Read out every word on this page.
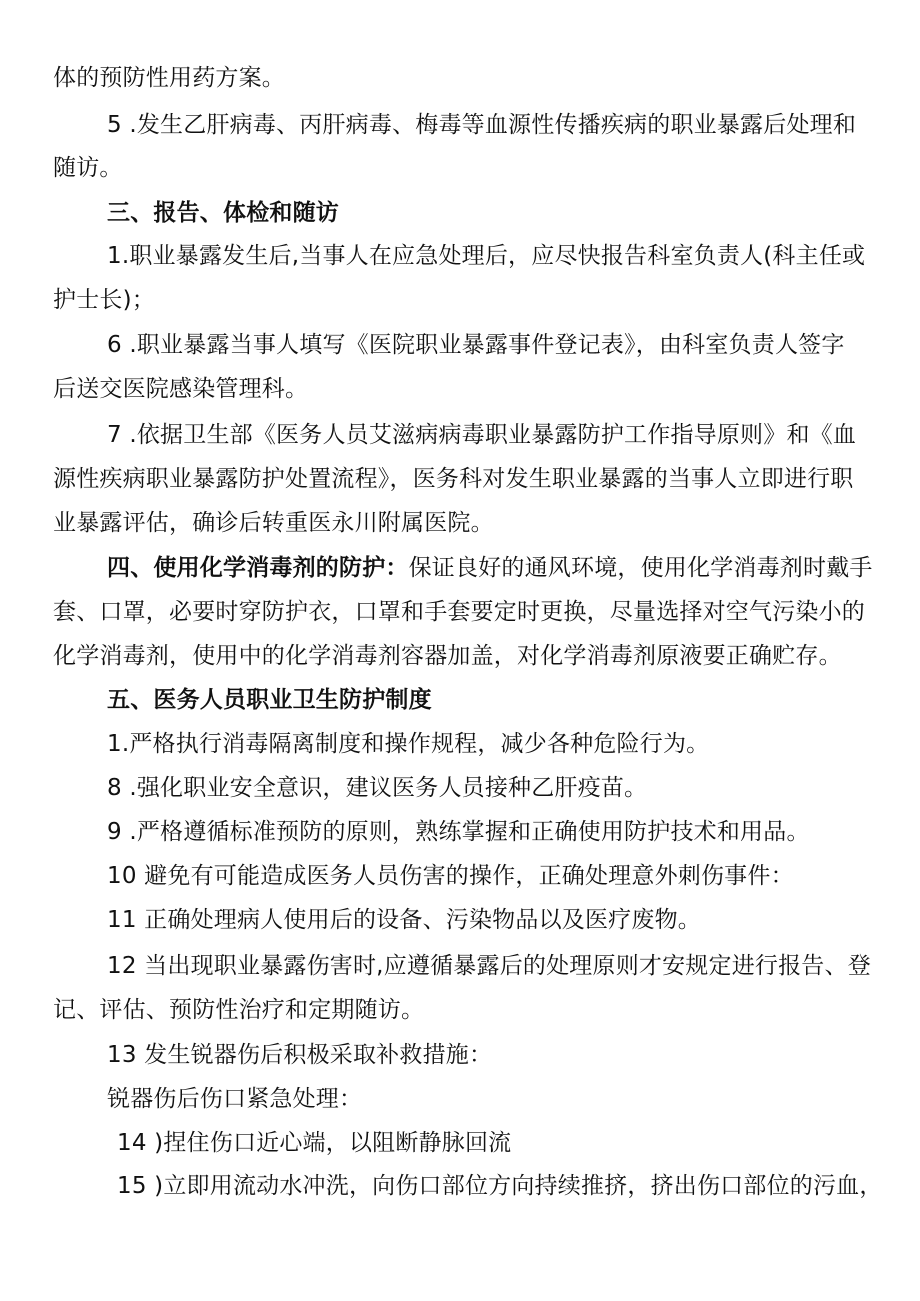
体的预防性用药方案。
5 .发生乙肝病毒、丙肝病毒、梅毒等血源性传播疾病的职业暴露后处理和
随访。
三、报告、体检和随访
1.职业暴露发生后,当事人在应急处理后，应尽快报告科室负责人(科主任或
护士长)；
6 .职业暴露当事人填写《医院职业暴露事件登记表》，由科室负责人签字
后送交医院感染管理科。
7 .依据卫生部《医务人员艾滋病病毒职业暴露防护工作指导原则》和《血
源性疾病职业暴露防护处置流程》，医务科对发生职业暴露的当事人立即进行职
业暴露评估，确诊后转重医永川附属医院。
四、使用化学消毒剂的防护：保证良好的通风环境，使用化学消毒剂时戴手
套、口罩，必要时穿防护衣，口罩和手套要定时更换，尽量选择对空气污染小的
化学消毒剂，使用中的化学消毒剂容器加盖，对化学消毒剂原液要正确贮存。
五、医务人员职业卫生防护制度
1.严格执行消毒隔离制度和操作规程，减少各种危险行为。
8 .强化职业安全意识，建议医务人员接种乙肝疫苗。
9 .严格遵循标准预防的原则，熟练掌握和正确使用防护技术和用品。
10 避免有可能造成医务人员伤害的操作，正确处理意外刺伤事件：
11 正确处理病人使用后的设备、污染物品以及医疗废物。
12 当出现职业暴露伤害时,应遵循暴露后的处理原则才安规定进行报告、登
记、评估、预防性治疗和定期随访。
13 发生锐器伤后积极采取补救措施：
锐器伤后伤口紧急处理：
14 )捏住伤口近心端，以阻断静脉回流
15 )立即用流动水冲洗，向伤口部位方向持续推挤，挤出伤口部位的污血，
